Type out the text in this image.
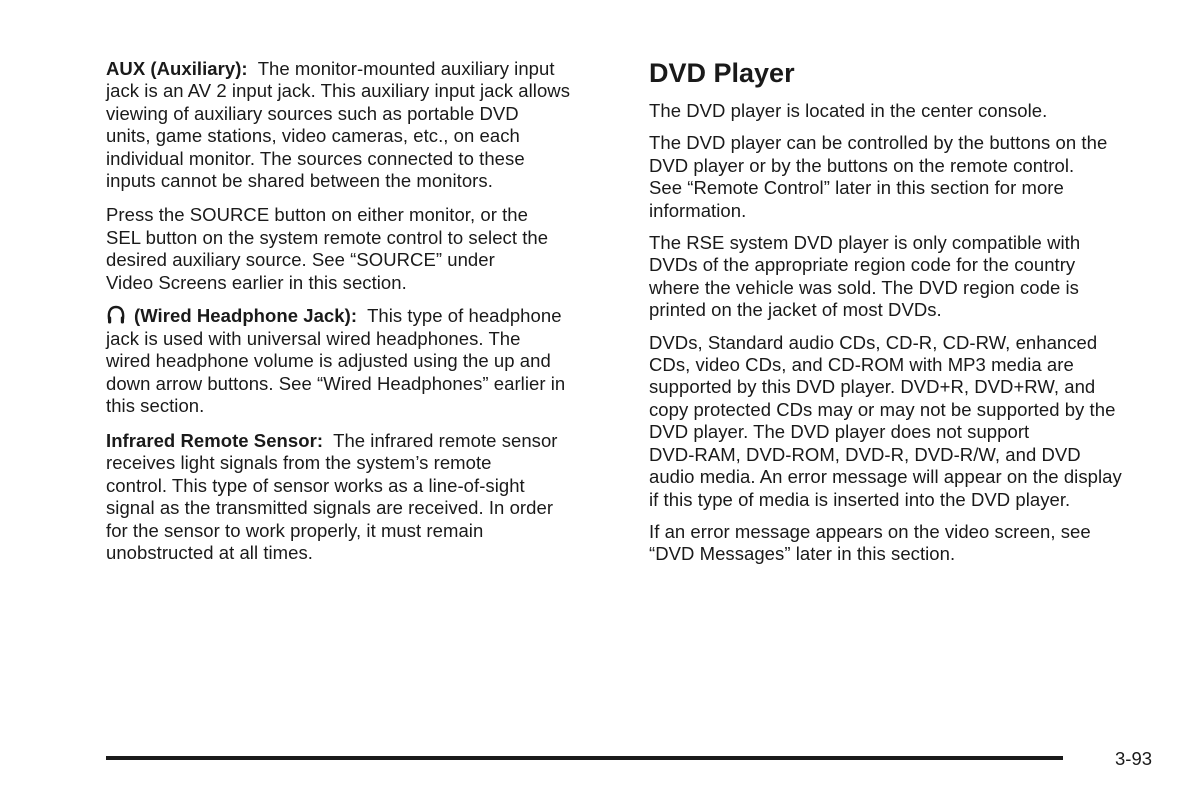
AUX (Auxiliary): The monitor-mounted auxiliary input
jack is an AV 2 input jack. This auxiliary input jack allows
viewing of auxiliary sources such as portable DVD
units, game stations, video cameras, etc., on each
individual monitor. The sources connected to these
inputs cannot be shared between the monitors.

Press the SOURCE button on either monitor, or the
SEL button on the system remote control to select the
desired auxiliary source. See “SOURCE” under
Video Screens earlier in this section.

(Wired Headphone Jack): This type of headphone
jack is used with universal wired headphones. The
wired headphone volume is adjusted using the up and
down arrow buttons. See “Wired Headphones” earlier in
this section.

Infrared Remote Sensor: The infrared remote sensor
receives light signals from the system’s remote
control. This type of sensor works as a line-of-sight
signal as the transmitted signals are received. In order
for the sensor to work properly, it must remain
unobstructed at all times.

DVD Player

The DVD player is located in the center console.

The DVD player can be controlled by the buttons on the
DVD player or by the buttons on the remote control.
See “Remote Control” later in this section for more
information.

The RSE system DVD player is only compatible with
DVDs of the appropriate region code for the country
where the vehicle was sold. The DVD region code is
printed on the jacket of most DVDs.

DVDs, Standard audio CDs, CD-R, CD-RW, enhanced
CDs, video CDs, and CD-ROM with MP3 media are
supported by this DVD player. DVD+R, DVD+RW, and
copy protected CDs may or may not be supported by the
DVD player. The DVD player does not support
DVD-RAM, DVD-ROM, DVD-R, DVD-R/W, and DVD
audio media. An error message will appear on the display
if this type of media is inserted into the DVD player.

If an error message appears on the video screen, see
“DVD Messages” later in this section.

3-93
